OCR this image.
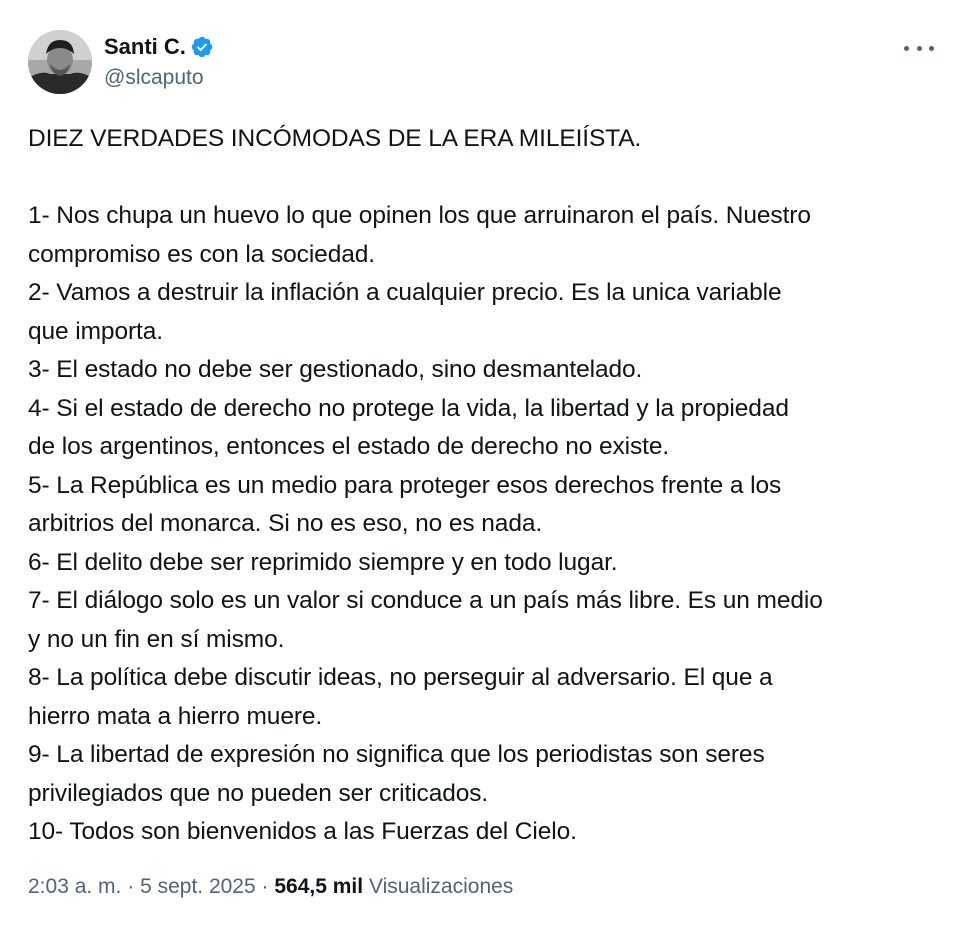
Santi C.
@slcaputo
DIEZ VERDADES INCÓMODAS DE LA ERA MILEIÍSTA.
1- Nos chupa un huevo lo que opinen los que arruinaron el país. Nuestro
compromiso es con la sociedad.
2- Vamos a destruir la inflación a cualquier precio. Es la unica variable
que importa.
3- El estado no debe ser gestionado, sino desmantelado.
4- Si el estado de derecho no protege la vida, la libertad y la propiedad
de los argentinos, entonces el estado de derecho no existe.
5- La República es un medio para proteger esos derechos frente a los
arbitrios del monarca. Si no es eso, no es nada.
6- El delito debe ser reprimido siempre y en todo lugar.
7- El diálogo solo es un valor si conduce a un país más libre. Es un medio
y no un fin en sí mismo.
8- La política debe discutir ideas, no perseguir al adversario. El que a
hierro mata a hierro muere.
9- La libertad de expresión no significa que los periodistas son seres
privilegiados que no pueden ser criticados.
10- Todos son bienvenidos a las Fuerzas del Cielo.
2:03 a. m. · 5 sept. 2025 · 564,5 mil Visualizaciones
